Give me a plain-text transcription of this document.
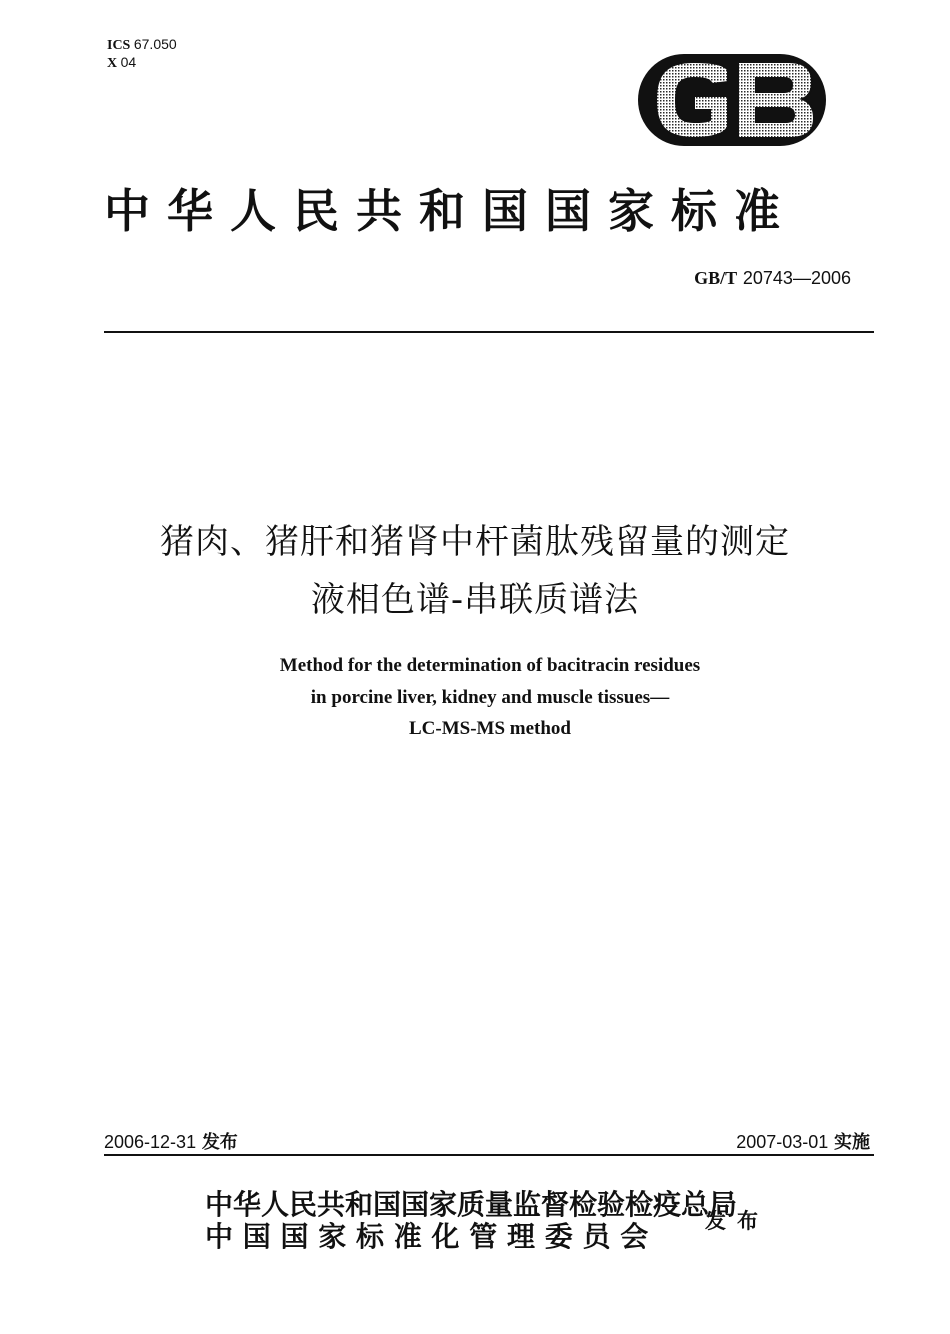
ICS 67.050
X 04
中华人民共和国国家标准
GB/T 20743—2006
猪肉、猪肝和猪肾中杆菌肽残留量的测定
液相色谱-串联质谱法
Method for the determination of bacitracin residues
in porcine liver, kidney and muscle tissues—
LC-MS-MS method
2006-12-31 发布	2007-03-01 实施
中华人民共和国国家质量监督检验检疫总局
中 国 国 家 标 准 化 管 理 委 员 会	发布
